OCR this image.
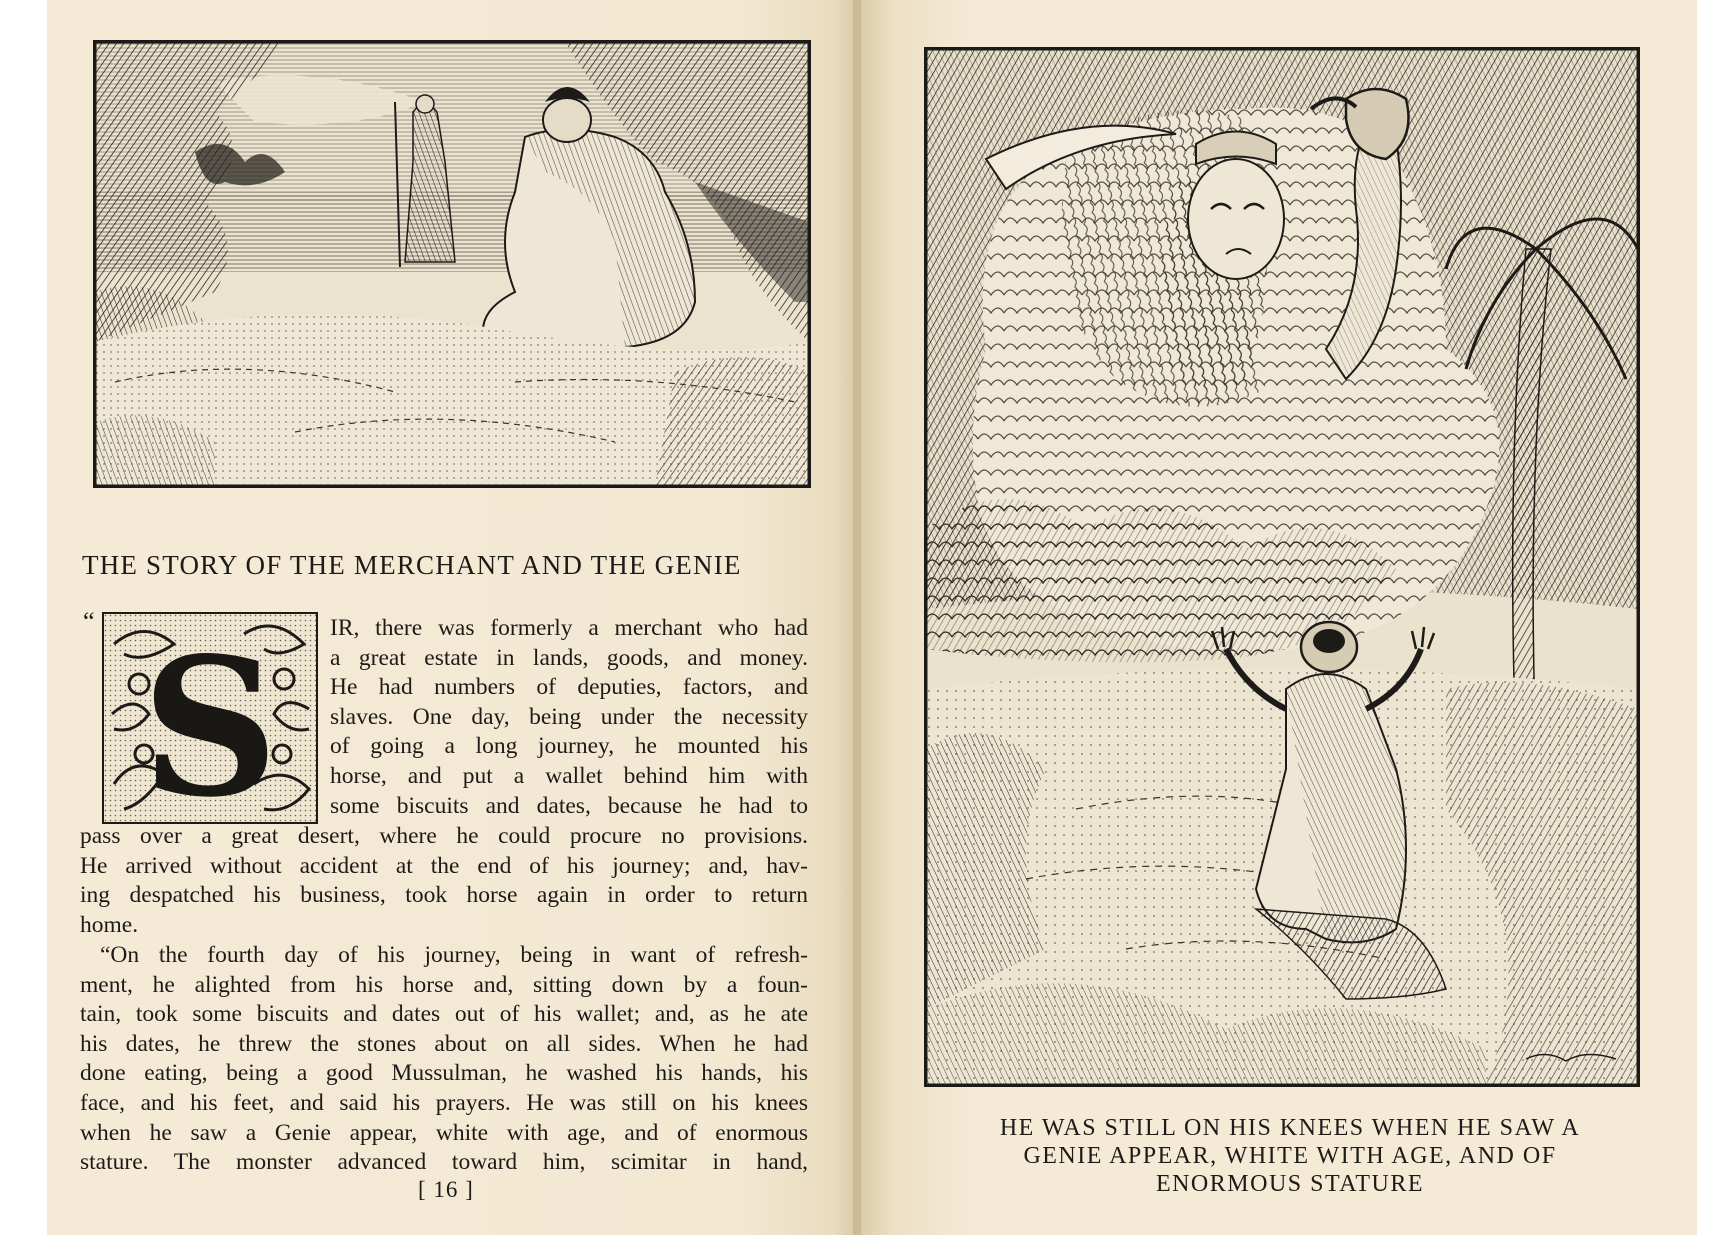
THE STORY OF THE MERCHANT AND THE GENIE
“ S IR, there was formerly a merchant who had
a great estate in lands, goods, and money.
He had numbers of deputies, factors, and
slaves. One day, being under the necessity
of going a long journey, he mounted his
horse, and put a wallet behind him with
some biscuits and dates, because he had to
pass over a great desert, where he could procure no provisions.
He arrived without accident at the end of his journey; and, hav-
ing despatched his business, took horse again in order to return
home.
“On the fourth day of his journey, being in want of refresh-
ment, he alighted from his horse and, sitting down by a foun-
tain, took some biscuits and dates out of his wallet; and, as he ate
his dates, he threw the stones about on all sides. When he had
done eating, being a good Mussulman, he washed his hands, his
face, and his feet, and said his prayers. He was still on his knees
when he saw a Genie appear, white with age, and of enormous
stature. The monster advanced toward him, scimitar in hand,
[ 16 ]
HE WAS STILL ON HIS KNEES WHEN HE SAW A
GENIE APPEAR, WHITE WITH AGE, AND OF
ENORMOUS STATURE
